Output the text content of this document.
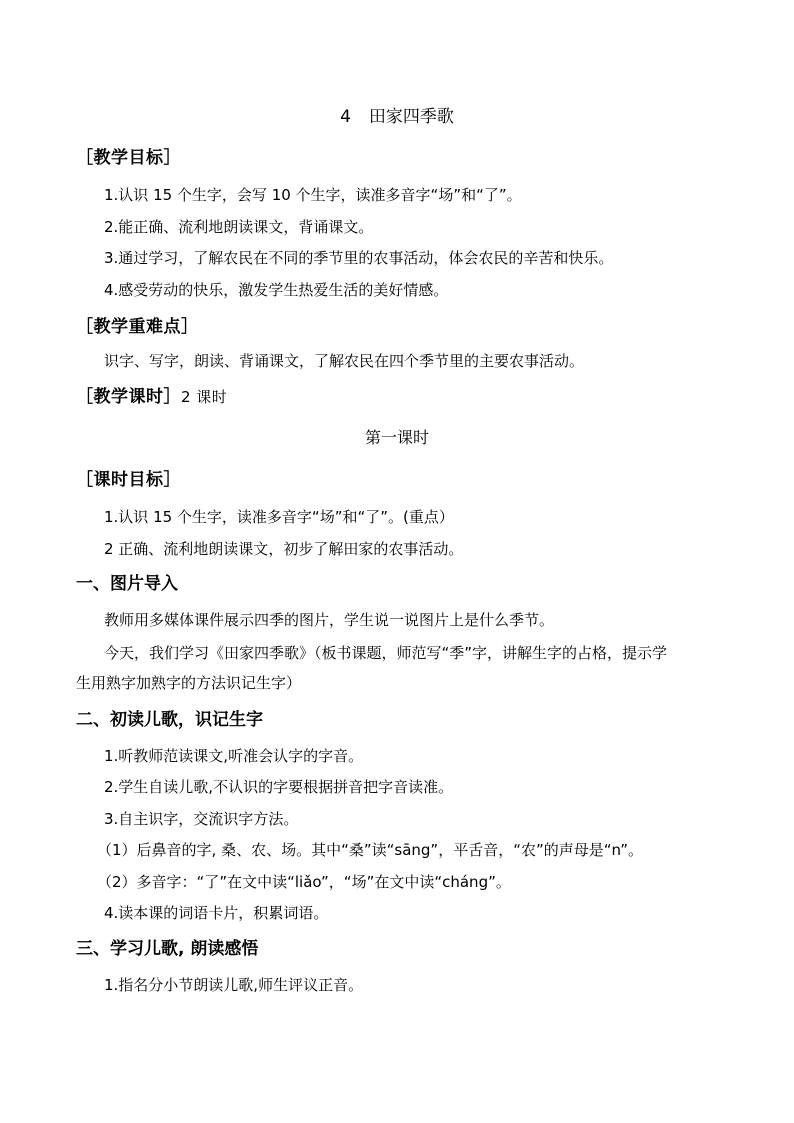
4 田家四季歌
［教学目标］
1.认识 15 个生字，会写 10 个生字，读准多音字“场”和“了”。
2.能正确、流利地朗读课文，背诵课文。
3.通过学习，了解农民在不同的季节里的农事活动，体会农民的辛苦和快乐。
4.感受劳动的快乐，激发学生热爱生活的美好情感。
［教学重难点］
识字、写字，朗读、背诵课文，了解农民在四个季节里的主要农事活动。
［教学课时］2 课时
第一课时
［课时目标］
1.认识 15 个生字，读准多音字“场”和“了”。(重点）
2 正确、流利地朗读课文，初步了解田家的农事活动。
一、图片导入
教师用多媒体课件展示四季的图片，学生说一说图片上是什么季节。
今天，我们学习《田家四季歌》（板书课题，师范写“季”字，讲解生字的占格，提示学
生用熟字加熟字的方法识记生字）
二、初读儿歌，识记生字
1.听教师范读课文,听准会认字的字音。
2.学生自读儿歌,不认识的字要根据拼音把字音读准。
3.自主识字，交流识字方法。
（1）后鼻音的字, 桑、农、场。其中“桑”读“sāng”，平舌音，“农”的声母是“n”。
（2）多音字：“了”在文中读“liǎo”，“场”在文中读“cháng”。
4.读本课的词语卡片，积累词语。
三、学习儿歌, 朗读感悟
1.指名分小节朗读儿歌,师生评议正音。
